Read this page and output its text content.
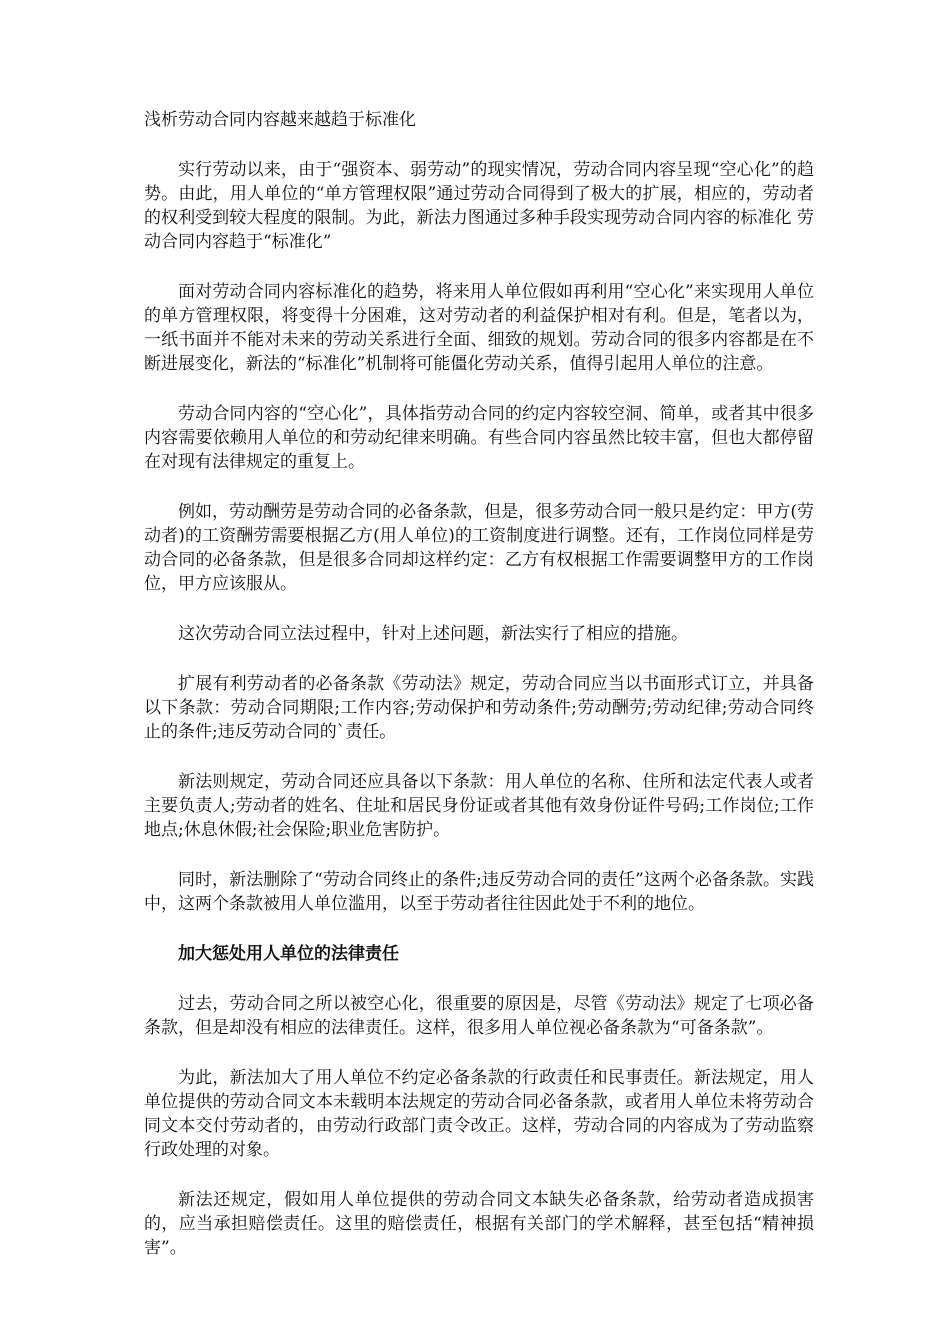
浅析劳动合同内容越来越趋于标准化

实行劳动以来，由于“强资本、弱劳动”的现实情况，劳动合同内容呈现“空心化”的趋势。由此，用人单位的“单方管理权限”通过劳动合同得到了极大的扩展，相应的，劳动者的权利受到较大程度的限制。为此，新法力图通过多种手段实现劳动合同内容的标准化 劳动合同内容趋于“标准化”

面对劳动合同内容标准化的趋势，将来用人单位假如再利用“空心化”来实现用人单位的单方管理权限，将变得十分困难，这对劳动者的利益保护相对有利。但是，笔者以为，一纸书面并不能对未来的劳动关系进行全面、细致的规划。劳动合同的很多内容都是在不断进展变化，新法的“标准化”机制将可能僵化劳动关系，值得引起用人单位的注意。

劳动合同内容的“空心化”，具体指劳动合同的约定内容较空洞、简单，或者其中很多内容需要依赖用人单位的和劳动纪律来明确。有些合同内容虽然比较丰富，但也大都停留在对现有法律规定的重复上。

例如，劳动酬劳是劳动合同的必备条款，但是，很多劳动合同一般只是约定：甲方(劳动者)的工资酬劳需要根据乙方(用人单位)的工资制度进行调整。还有，工作岗位同样是劳动合同的必备条款，但是很多合同却这样约定：乙方有权根据工作需要调整甲方的工作岗位，甲方应该服从。

这次劳动合同立法过程中，针对上述问题，新法实行了相应的措施。

扩展有利劳动者的必备条款《劳动法》规定，劳动合同应当以书面形式订立，并具备以下条款：劳动合同期限;工作内容;劳动保护和劳动条件;劳动酬劳;劳动纪律;劳动合同终止的条件;违反劳动合同的`责任。

新法则规定，劳动合同还应具备以下条款：用人单位的名称、住所和法定代表人或者主要负责人;劳动者的姓名、住址和居民身份证或者其他有效身份证件号码;工作岗位;工作地点;休息休假;社会保险;职业危害防护。

同时，新法删除了“劳动合同终止的条件;违反劳动合同的责任”这两个必备条款。实践中，这两个条款被用人单位滥用，以至于劳动者往往因此处于不利的地位。

加大惩处用人单位的法律责任

过去，劳动合同之所以被空心化，很重要的原因是，尽管《劳动法》规定了七项必备条款，但是却没有相应的法律责任。这样，很多用人单位视必备条款为“可备条款”。

为此，新法加大了用人单位不约定必备条款的行政责任和民事责任。新法规定，用人单位提供的劳动合同文本未载明本法规定的劳动合同必备条款，或者用人单位未将劳动合同文本交付劳动者的，由劳动行政部门责令改正。这样，劳动合同的内容成为了劳动监察行政处理的对象。

新法还规定，假如用人单位提供的劳动合同文本缺失必备条款，给劳动者造成损害的，应当承担赔偿责任。这里的赔偿责任，根据有关部门的学术解释，甚至包括“精神损害”。
